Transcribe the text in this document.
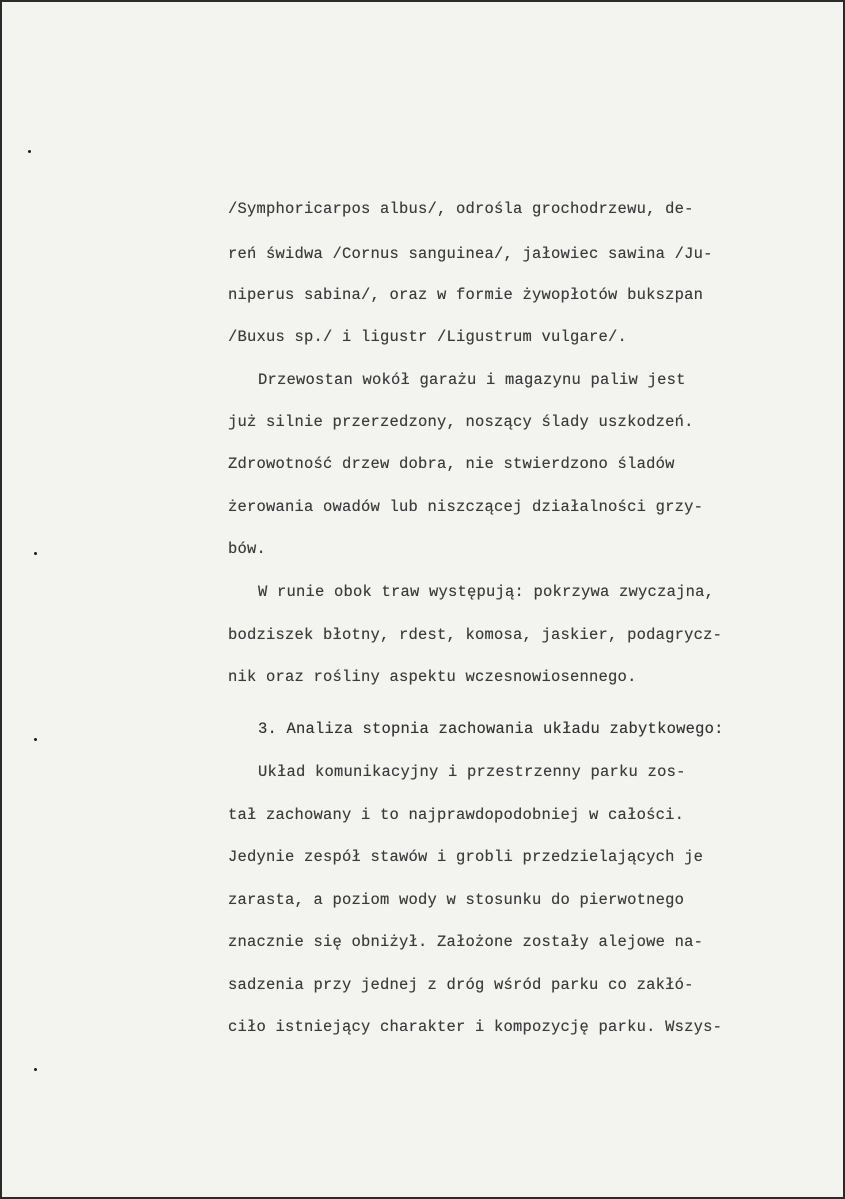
/Symphoricarpos albus/, odrośla grochodrzewu, de-
reń świdwa /Cornus sanguinea/, jałowiec sawina /Ju-
niperus sabina/, oraz w formie żywopłotów bukszpan
/Buxus sp./ i ligustr /Ligustrum vulgare/.
Drzewostan wokół garażu i magazynu paliw jest
już silnie przerzedzony, noszący ślady uszkodzeń.
Zdrowotność drzew dobra, nie stwierdzono śladów
żerowania owadów lub niszczącej działalności grzy-
bów.
W runie obok traw występują: pokrzywa zwyczajna,
bodziszek błotny, rdest, komosa, jaskier, podagrycz-
nik oraz rośliny aspektu wczesnowiosennego.
3. Analiza stopnia zachowania układu zabytkowego:
Układ komunikacyjny i przestrzenny parku zos-
tał zachowany i to najprawdopodobniej w całości.
Jedynie zespół stawów i grobli przedzielających je
zarasta, a poziom wody w stosunku do pierwotnego
znacznie się obniżył. Założone zostały alejowe na-
sadzenia przy jednej z dróg wśród parku co zakłó-
ciło istniejący charakter i kompozycję parku. Wszys-
